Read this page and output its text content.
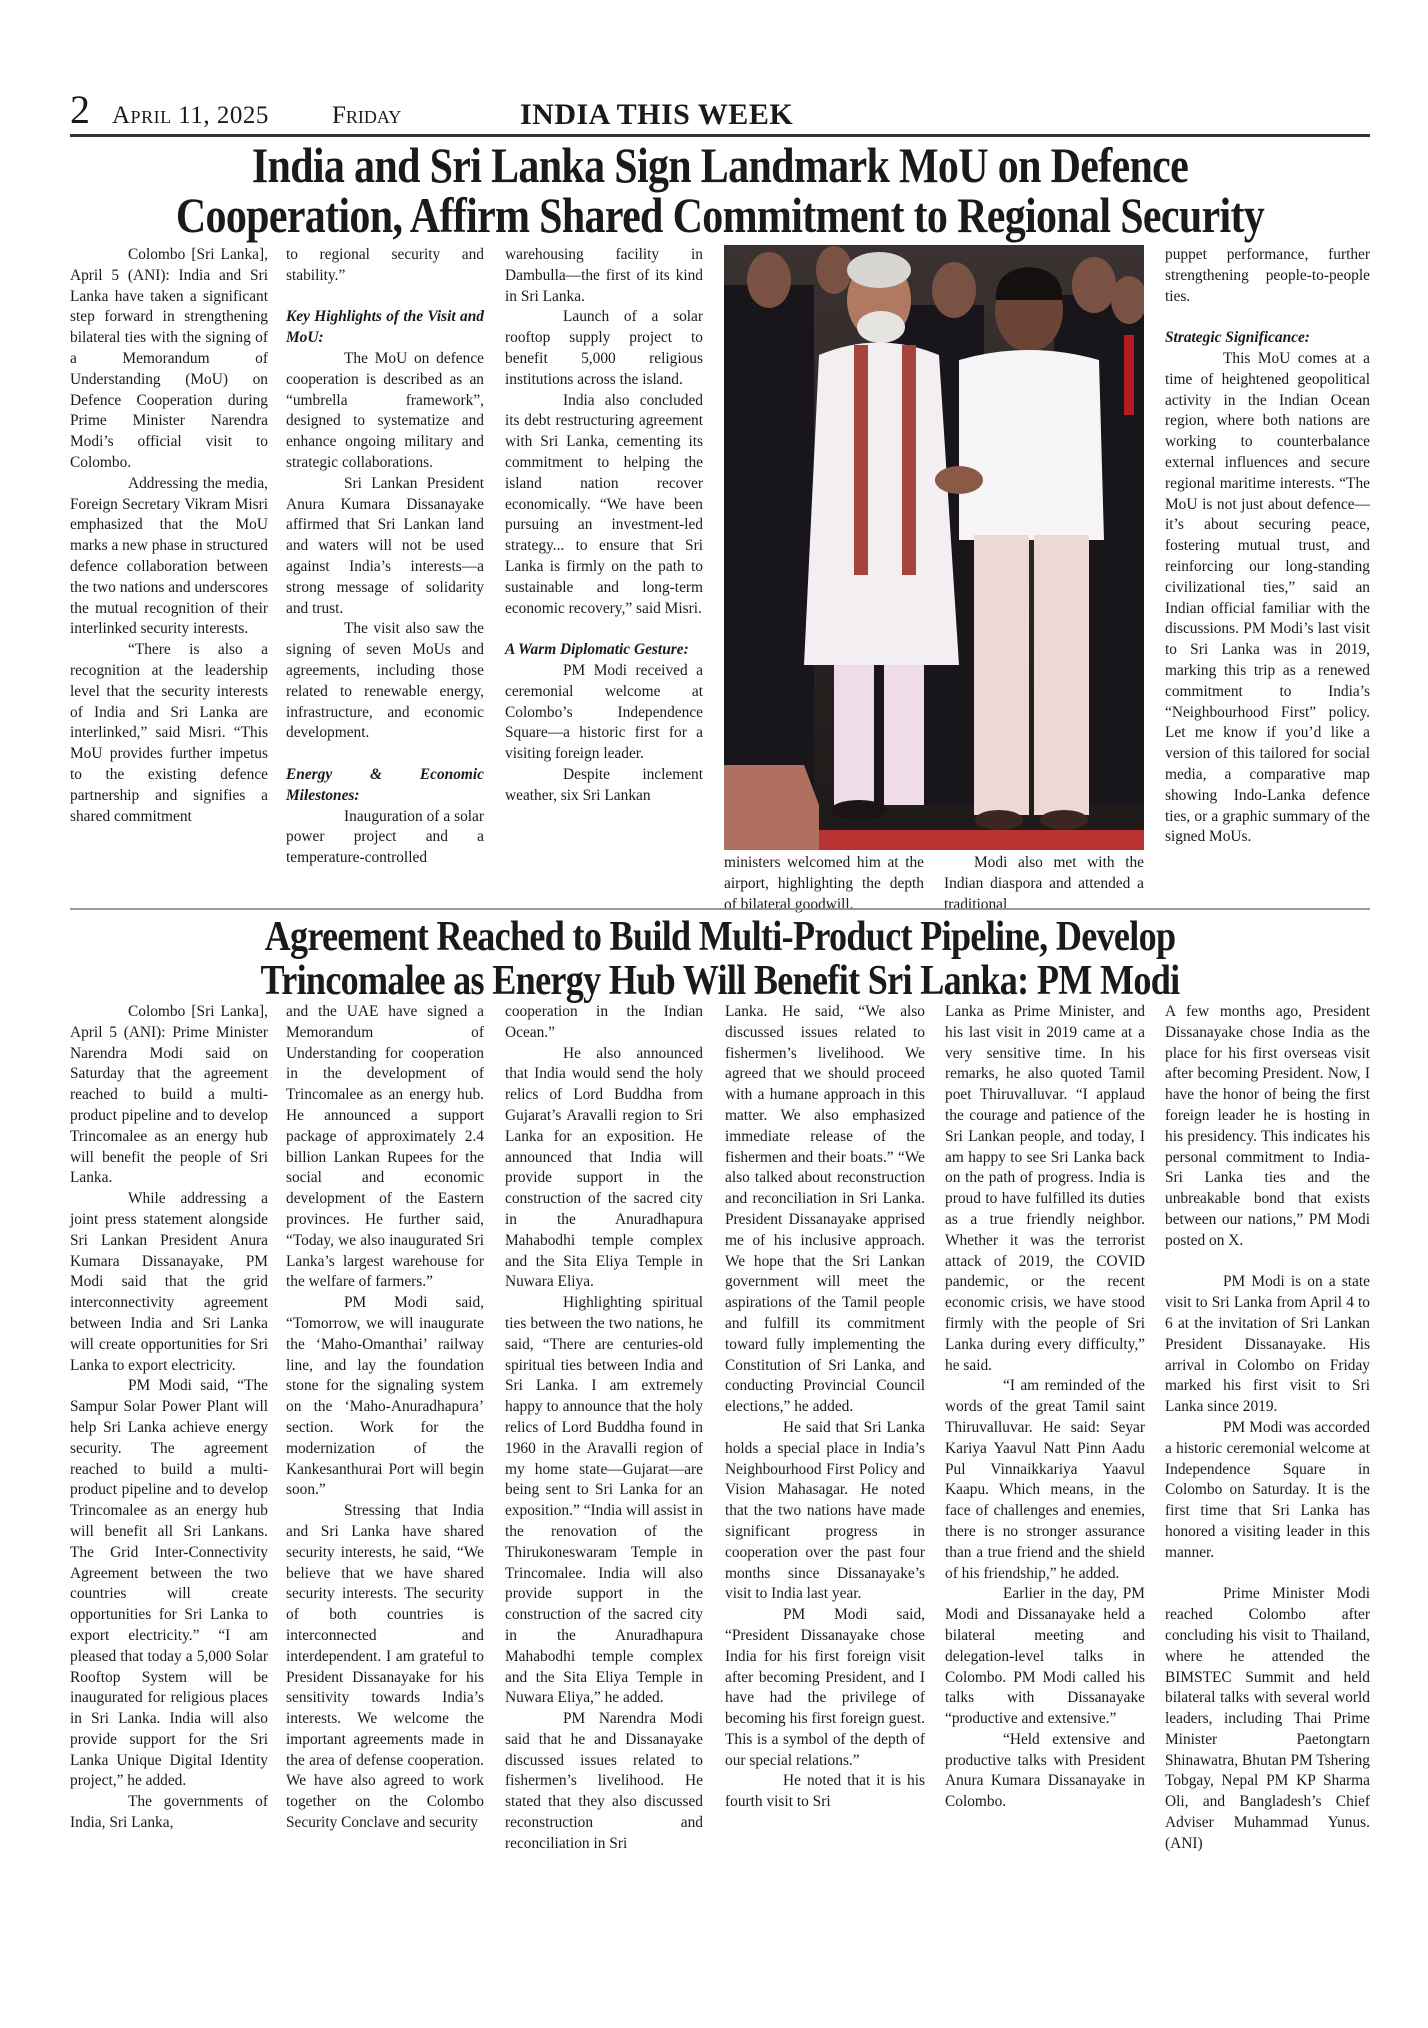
2 April 11, 2025	Friday	INDIA THIS WEEK
India and Sri Lanka Sign Landmark MoU on Defence
Cooperation, Affirm Shared Commitment to Regional Security

Colombo [Sri Lanka], April 5 (ANI): India and Sri Lanka have taken a significant step forward in strengthening bilateral ties with the signing of a Memorandum of Understanding (MoU) on Defence Cooperation during Prime Minister Narendra Modi’s official visit to Colombo.

Addressing the media, Foreign Secretary Vikram Misri emphasized that the MoU marks a new phase in structured defence collaboration between the two nations and underscores the mutual recognition of their interlinked security interests.

“There is also a recognition at the leadership level that the security interests of India and Sri Lanka are interlinked,” said Misri. “This MoU provides further impetus to the existing defence partnership and signifies a shared commitment

to regional security and stability.”

Key Highlights of the Visit and MoU:

The MoU on defence cooperation is described as an “umbrella framework”, designed to systematize and enhance ongoing military and strategic collaborations.

Sri Lankan President Anura Kumara Dissanayake affirmed that Sri Lankan land and waters will not be used against India’s interests—a strong message of solidarity and trust.

The visit also saw the signing of seven MoUs and agreements, including those related to renewable energy, infrastructure, and economic development.

Energy & Economic Milestones:

Inauguration of a solar power project and a temperature-controlled

warehousing facility in Dambulla—the first of its kind in Sri Lanka.

Launch of a solar rooftop supply project to benefit 5,000 religious institutions across the island.

India also concluded its debt restructuring agreement with Sri Lanka, cementing its commitment to helping the island nation recover economically. “We have been pursuing an investment-led strategy... to ensure that Sri Lanka is firmly on the path to sustainable and long-term economic recovery,” said Misri.

A Warm Diplomatic Gesture:

PM Modi received a ceremonial welcome at Colombo’s Independence Square—a historic first for a visiting foreign leader.

Despite inclement weather, six Sri Lankan

ministers welcomed him at the airport, highlighting the depth of bilateral goodwill.

Modi also met with the Indian diaspora and attended a traditional

puppet performance, further strengthening people-to-people ties.

Strategic Significance:

This MoU comes at a time of heightened geopolitical activity in the Indian Ocean region, where both nations are working to counterbalance external influences and secure regional maritime interests. “The MoU is not just about defence—it’s about securing peace, fostering mutual trust, and reinforcing our long-standing civilizational ties,” said an Indian official familiar with the discussions. PM Modi’s last visit to Sri Lanka was in 2019, marking this trip as a renewed commitment to India’s “Neighbourhood First” policy. Let me know if you’d like a version of this tailored for social media, a comparative map showing Indo-Lanka defence ties, or a graphic summary of the signed MoUs.

Agreement Reached to Build Multi-Product Pipeline, Develop
Trincomalee as Energy Hub Will Benefit Sri Lanka: PM Modi

Colombo [Sri Lanka], April 5 (ANI): Prime Minister Narendra Modi said on Saturday that the agreement reached to build a multi-product pipeline and to develop Trincomalee as an energy hub will benefit the people of Sri Lanka.

While addressing a joint press statement alongside Sri Lankan President Anura Kumara Dissanayake, PM Modi said that the grid interconnectivity agreement between India and Sri Lanka will create opportunities for Sri Lanka to export electricity.

PM Modi said, “The Sampur Solar Power Plant will help Sri Lanka achieve energy security. The agreement reached to build a multi-product pipeline and to develop Trincomalee as an energy hub will benefit all Sri Lankans. The Grid Inter-Connectivity Agreement between the two countries will create opportunities for Sri Lanka to export electricity.” “I am pleased that today a 5,000 Solar Rooftop System will be inaugurated for religious places in Sri Lanka. India will also provide support for the Sri Lanka Unique Digital Identity project,” he added.

The governments of India, Sri Lanka,

and the UAE have signed a Memorandum of Understanding for cooperation in the development of Trincomalee as an energy hub. He announced a support package of approximately 2.4 billion Lankan Rupees for the social and economic development of the Eastern provinces. He further said, “Today, we also inaugurated Sri Lanka’s largest warehouse for the welfare of farmers.”

PM Modi said, “Tomorrow, we will inaugurate the ‘Maho-Omanthai’ railway line, and lay the foundation stone for the signaling system on the ‘Maho-Anuradhapura’ section. Work for the modernization of the Kankesanthurai Port will begin soon.”

Stressing that India and Sri Lanka have shared security interests, he said, “We believe that we have shared security interests. The security of both countries is interconnected and interdependent. I am grateful to President Dissanayake for his sensitivity towards India’s interests. We welcome the important agreements made in the area of defense cooperation. We have also agreed to work together on the Colombo Security Conclave and security

cooperation in the Indian Ocean.”

He also announced that India would send the holy relics of Lord Buddha from Gujarat’s Aravalli region to Sri Lanka for an exposition. He announced that India will provide support in the construction of the sacred city in the Anuradhapura Mahabodhi temple complex and the Sita Eliya Temple in Nuwara Eliya.

Highlighting spiritual ties between the two nations, he said, “There are centuries-old spiritual ties between India and Sri Lanka. I am extremely happy to announce that the holy relics of Lord Buddha found in 1960 in the Aravalli region of my home state—Gujarat—are being sent to Sri Lanka for an exposition.” “India will assist in the renovation of the Thirukoneswaram Temple in Trincomalee. India will also provide support in the construction of the sacred city in the Anuradhapura Mahabodhi temple complex and the Sita Eliya Temple in Nuwara Eliya,” he added.

PM Narendra Modi said that he and Dissanayake discussed issues related to fishermen’s livelihood. He stated that they also discussed reconstruction and reconciliation in Sri

Lanka. He said, “We also discussed issues related to fishermen’s livelihood. We agreed that we should proceed with a humane approach in this matter. We also emphasized immediate release of the fishermen and their boats.” “We also talked about reconstruction and reconciliation in Sri Lanka. President Dissanayake apprised me of his inclusive approach. We hope that the Sri Lankan government will meet the aspirations of the Tamil people and fulfill its commitment toward fully implementing the Constitution of Sri Lanka, and conducting Provincial Council elections,” he added.

He said that Sri Lanka holds a special place in India’s Neighbourhood First Policy and Vision Mahasagar. He noted that the two nations have made significant progress in cooperation over the past four months since Dissanayake’s visit to India last year.

PM Modi said, “President Dissanayake chose India for his first foreign visit after becoming President, and I have had the privilege of becoming his first foreign guest. This is a symbol of the depth of our special relations.”

He noted that it is his fourth visit to Sri

Lanka as Prime Minister, and his last visit in 2019 came at a very sensitive time. In his remarks, he also quoted Tamil poet Thiruvalluvar. “I applaud the courage and patience of the Sri Lankan people, and today, I am happy to see Sri Lanka back on the path of progress. India is proud to have fulfilled its duties as a true friendly neighbor. Whether it was the terrorist attack of 2019, the COVID pandemic, or the recent economic crisis, we have stood firmly with the people of Sri Lanka during every difficulty,” he said.

“I am reminded of the words of the great Tamil saint Thiruvalluvar. He said: Seyar Kariya Yaavul Natt Pinn Aadu Pul Vinnaikkariya Yaavul Kaapu. Which means, in the face of challenges and enemies, there is no stronger assurance than a true friend and the shield of his friendship,” he added.

Earlier in the day, PM Modi and Dissanayake held a bilateral meeting and delegation-level talks in Colombo. PM Modi called his talks with Dissanayake “productive and extensive.”

“Held extensive and productive talks with President Anura Kumara Dissanayake in Colombo.

A few months ago, President Dissanayake chose India as the place for his first overseas visit after becoming President. Now, I have the honor of being the first foreign leader he is hosting in his presidency. This indicates his personal commitment to India-Sri Lanka ties and the unbreakable bond that exists between our nations,” PM Modi posted on X.

PM Modi is on a state visit to Sri Lanka from April 4 to 6 at the invitation of Sri Lankan President Dissanayake. His arrival in Colombo on Friday marked his first visit to Sri Lanka since 2019.

PM Modi was accorded a historic ceremonial welcome at Independence Square in Colombo on Saturday. It is the first time that Sri Lanka has honored a visiting leader in this manner.

Prime Minister Modi reached Colombo after concluding his visit to Thailand, where he attended the BIMSTEC Summit and held bilateral talks with several world leaders, including Thai Prime Minister Paetongtarn Shinawatra, Bhutan PM Tshering Tobgay, Nepal PM KP Sharma Oli, and Bangladesh’s Chief Adviser Muhammad Yunus. (ANI)
